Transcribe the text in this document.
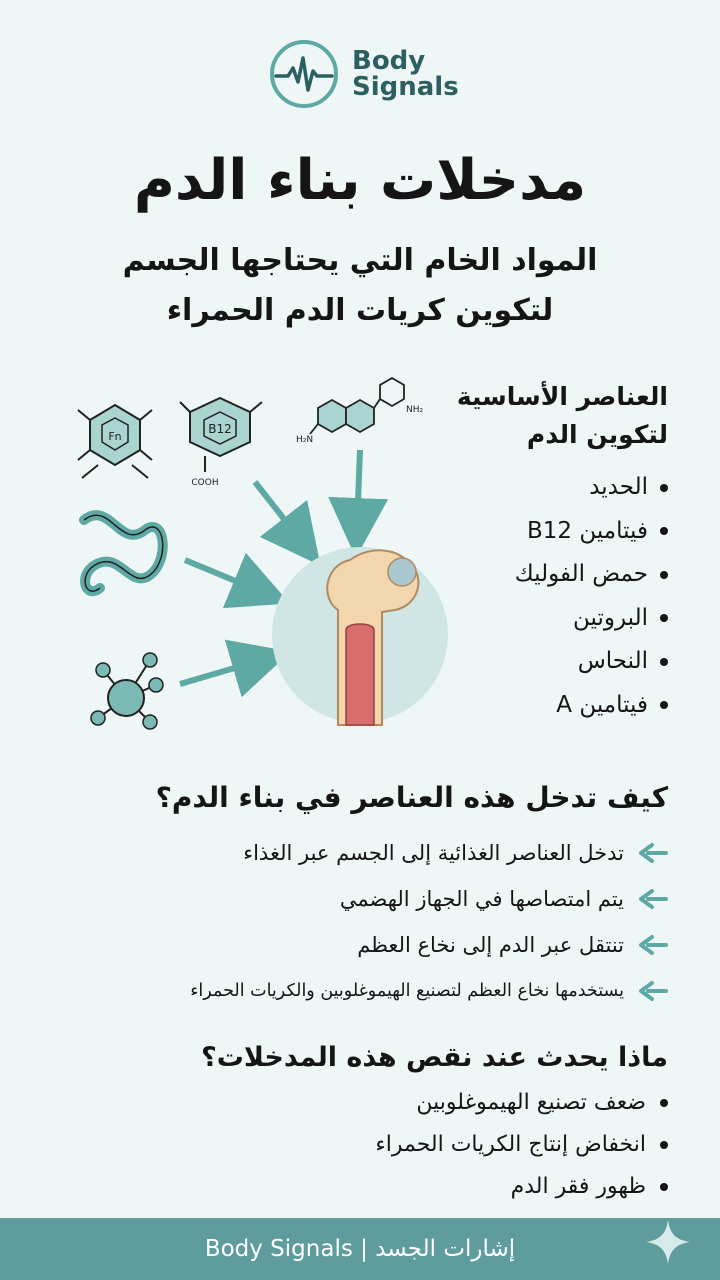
Body
Signals
مدخلات بناء الدم
المواد الخام التي يحتاجها الجسم
لتكوين كريات الدم الحمراء
Fn
B12
COOH
H₂N
NH₂	العناصر الأساسية
لتكوين الدم
الحديد
فيتامين B12
حمض الفوليك
البروتين
النحاس
فيتامين A
كيف تدخل هذه العناصر في بناء الدم؟
تدخل العناصر الغذائية إلى الجسم عبر الغذاء
يتم امتصاصها في الجهاز الهضمي
تنتقل عبر الدم إلى نخاع العظم
يستخدمها نخاع العظم لتصنيع الهيموغلوبين والكريات الحمراء
ماذا يحدث عند نقص هذه المدخلات؟
ضعف تصنيع الهيموغلوبين
انخفاض إنتاج الكريات الحمراء
ظهور فقر الدم
Body Signals | إشارات الجسد
